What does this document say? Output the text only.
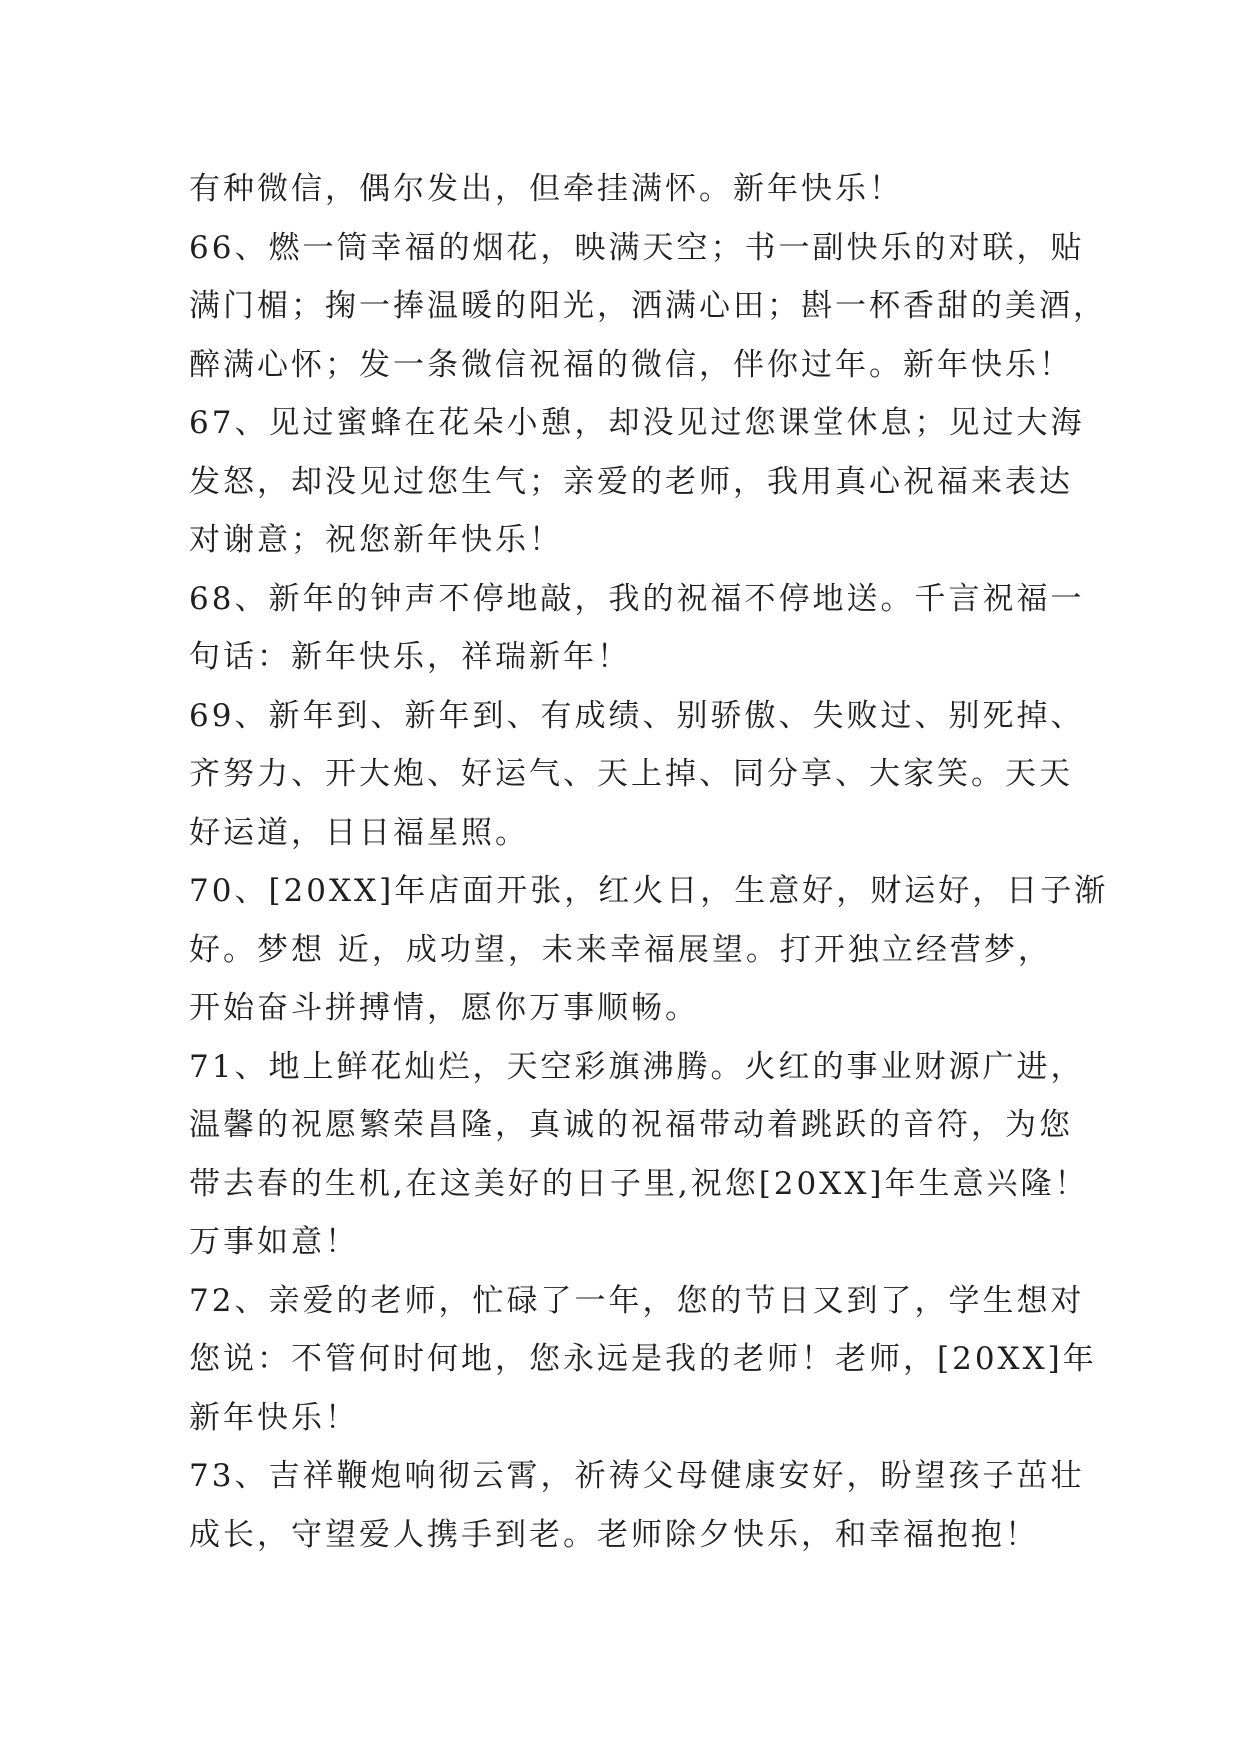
有种微信，偶尔发出，但牵挂满怀。新年快乐！
66、燃一筒幸福的烟花，映满天空；书一副快乐的对联，贴
满门楣；掬一捧温暖的阳光，洒满心田；斟一杯香甜的美酒，
醉满心怀；发一条微信祝福的微信，伴你过年。新年快乐！
67、见过蜜蜂在花朵小憩，却没见过您课堂休息；见过大海
发怒，却没见过您生气；亲爱的老师，我用真心祝福来表达
对谢意；祝您新年快乐！
68、新年的钟声不停地敲，我的祝福不停地送。千言祝福一
句话：新年快乐，祥瑞新年！
69、新年到、新年到、有成绩、别骄傲、失败过、别死掉、
齐努力、开大炮、好运气、天上掉、同分享、大家笑。天天
好运道，日日福星照。
70、[20XX]年店面开张，红火日，生意好，财运好，日子渐
好。梦想 近，成功望，未来幸福展望。打开独立经营梦，
开始奋斗拼搏情，愿你万事顺畅。
71、地上鲜花灿烂，天空彩旗沸腾。火红的事业财源广进，
温馨的祝愿繁荣昌隆，真诚的祝福带动着跳跃的音符，为您
带去春的生机,在这美好的日子里,祝您[20XX]年生意兴隆！
万事如意！
72、亲爱的老师，忙碌了一年，您的节日又到了，学生想对
您说：不管何时何地，您永远是我的老师！老师，[20XX]年
新年快乐！
73、吉祥鞭炮响彻云霄，祈祷父母健康安好，盼望孩子茁壮
成长，守望爱人携手到老。老师除夕快乐，和幸福抱抱！
